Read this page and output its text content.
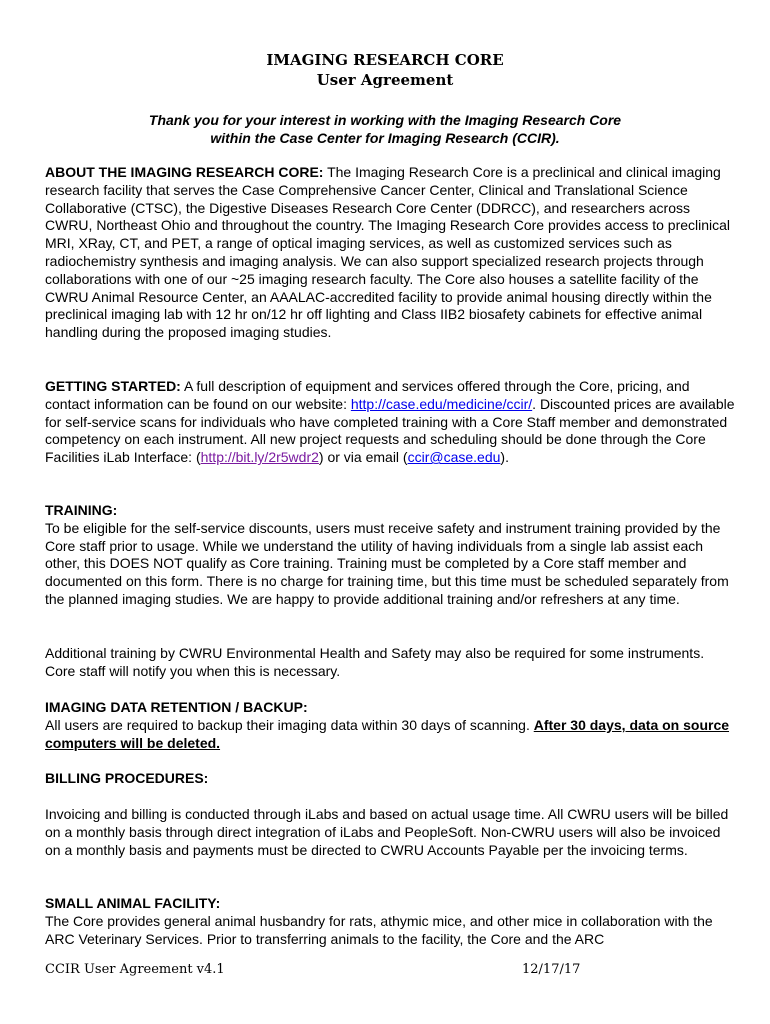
IMAGING RESEARCH CORE
User Agreement
Thank you for your interest in working with the Imaging Research Core
within the Case Center for Imaging Research (CCIR).

ABOUT THE IMAGING RESEARCH CORE: The Imaging Research Core is a preclinical and clinical imaging research facility that serves the Case Comprehensive Cancer Center, Clinical and Translational Science Collaborative (CTSC), the Digestive Diseases Research Core Center (DDRCC), and researchers across CWRU, Northeast Ohio and throughout the country. The Imaging Research Core provides access to preclinical MRI, XRay, CT, and PET, a range of optical imaging services, as well as customized services such as radiochemistry synthesis and imaging analysis. We can also support specialized research projects through collaborations with one of our ~25 imaging research faculty. The Core also houses a satellite facility of the CWRU Animal Resource Center, an AAALAC-accredited facility to provide animal housing directly within the preclinical imaging lab with 12 hr on/12 hr off lighting and Class IIB2 biosafety cabinets for effective animal handling during the proposed imaging studies.

GETTING STARTED: A full description of equipment and services offered through the Core, pricing, and contact information can be found on our website: http://case.edu/medicine/ccir/. Discounted prices are available for self-service scans for individuals who have completed training with a Core Staff member and demonstrated competency on each instrument. All new project requests and scheduling should be done through the Core Facilities iLab Interface: (http://bit.ly/2r5wdr2) or via email (ccir@case.edu).

TRAINING:

To be eligible for the self-service discounts, users must receive safety and instrument training provided by the Core staff prior to usage. While we understand the utility of having individuals from a single lab assist each other, this DOES NOT qualify as Core training. Training must be completed by a Core staff member and documented on this form. There is no charge for training time, but this time must be scheduled separately from the planned imaging studies. We are happy to provide additional training and/or refreshers at any time.

Additional training by CWRU Environmental Health and Safety may also be required for some instruments. Core staff will notify you when this is necessary.

IMAGING DATA RETENTION / BACKUP:

All users are required to backup their imaging data within 30 days of scanning. After 30 days, data on source computers will be deleted.

BILLING PROCEDURES:

Invoicing and billing is conducted through iLabs and based on actual usage time. All CWRU users will be billed on a monthly basis through direct integration of iLabs and PeopleSoft. Non-CWRU users will also be invoiced on a monthly basis and payments must be directed to CWRU Accounts Payable per the invoicing terms.

SMALL ANIMAL FACILITY:

The Core provides general animal husbandry for rats, athymic mice, and other mice in collaboration with the ARC Veterinary Services. Prior to transferring animals to the facility, the Core and the ARC

CCIR User Agreement v4.1	12/17/17
